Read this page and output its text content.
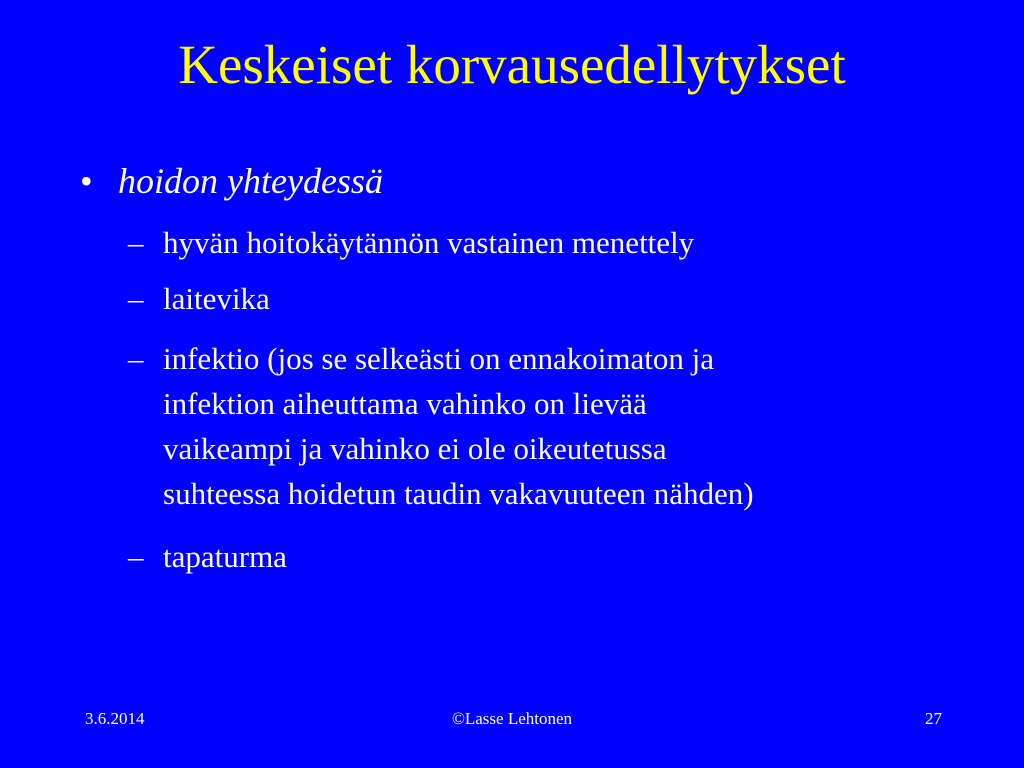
Keskeiset korvausedellytykset
• hoidon yhteydessä
– hyvän hoitokäytännön vastainen menettely
– laitevika
– infektio (jos se selkeästi on ennakoimaton ja
infektion aiheuttama vahinko on lievää
vaikeampi ja vahinko ei ole oikeutetussa
suhteessa hoidetun taudin vakavuuteen nähden)
– tapaturma
©Lasse Lehtonen
3.6.2014	27
